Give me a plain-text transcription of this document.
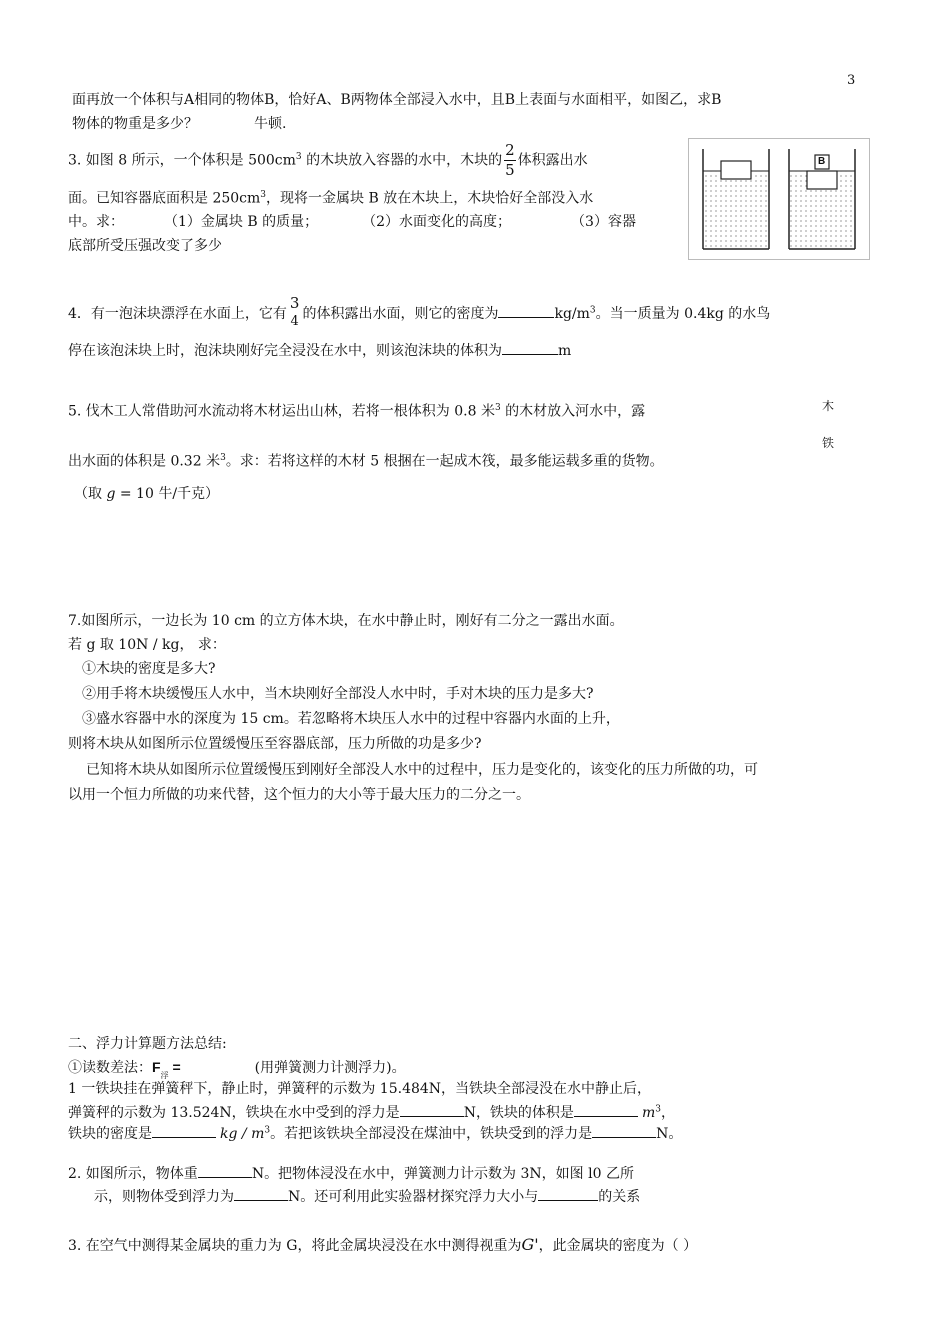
3
面再放一个体积与A相同的物体B，恰好A、B两物体全部浸入水中，且B上表面与水面相平，如图乙，求B
物体的物重是多少？	牛顿.
3. 如图 8 所示，一个体积是 $500cm^3$ 的木块放入容器的水中，木块的 $\frac{2}{5}$ 体积露出水
面。已知容器底面积是 $250cm^3$，现将一金属块 B 放在木块上，木块恰好全部没入水
中。求：	（1）金属块 B 的质量；	（2）水面变化的高度；	（3）容器
底部所受压强改变了多少
B
4．有一泡沫块漂浮在水面上，它有
3
4 的体积露出水面，则它的密度为	$kg/m^3$。当一质量为 0.4kg 的水鸟
停在该泡沫块上时，泡沫块刚好完全浸没在水中，则该泡沫块的体积为	m
5. 伐木工人常借助河水流动将木材运出山林，若将一根体积为 0.8 米$^3$ 的木材放入河水中，露	木
铁
出水面的体积是 0.32 米$^3$。求：若将这样的木材 5 根捆在一起成木筏，最多能运载多重的货物。
（取 g = 10 牛/千克）
7.如图所示，一边长为 10 cm 的立方体木块，在水中静止时，刚好有二分之一露出水面。
若 g 取 10N / kg， 求：
①木块的密度是多大?
②用手将木块缓慢压人水中，当木块刚好全部没人水中时，手对木块的压力是多大?
③盛水容器中水的深度为 15 cm。若忽略将木块压人水中的过程中容器内水面的上升，
则将木块从如图所示位置缓慢压至容器底部，压力所做的功是多少?
已知将木块从如图所示位置缓慢压到刚好全部没人水中的过程中，压力是变化的，该变化的压力所做的功，可
以用一个恒力所做的功来代替，这个恒力的大小等于最大压力的二分之一。
二、浮力计算题方法总结:
①读数差法：$F_浮$ =	(用弹簧测力计测浮力)。
1 一铁块挂在弹簧秤下，静止时，弹簧秤的示数为 15.484N，当铁块全部浸没在水中静止后，
弹簧秤的示数为 13.524N，铁块在水中受到的浮力是	N，铁块的体积是	$m^3$，
铁块的密度是	kg / $m^3$。若把该铁块全部浸没在煤油中，铁块受到的浮力是	N。
2. 如图所示，物体重	N。把物体浸没在水中，弹簧测力计示数为 3N，如图 l0 乙所
示，则物体受到浮力为	N。还可利用此实验器材探究浮力大小与	的关系
3. 在空气中测得某金属块的重力为 G，将此金属块浸没在水中测得视重为G'，此金属块的密度为（ ）
